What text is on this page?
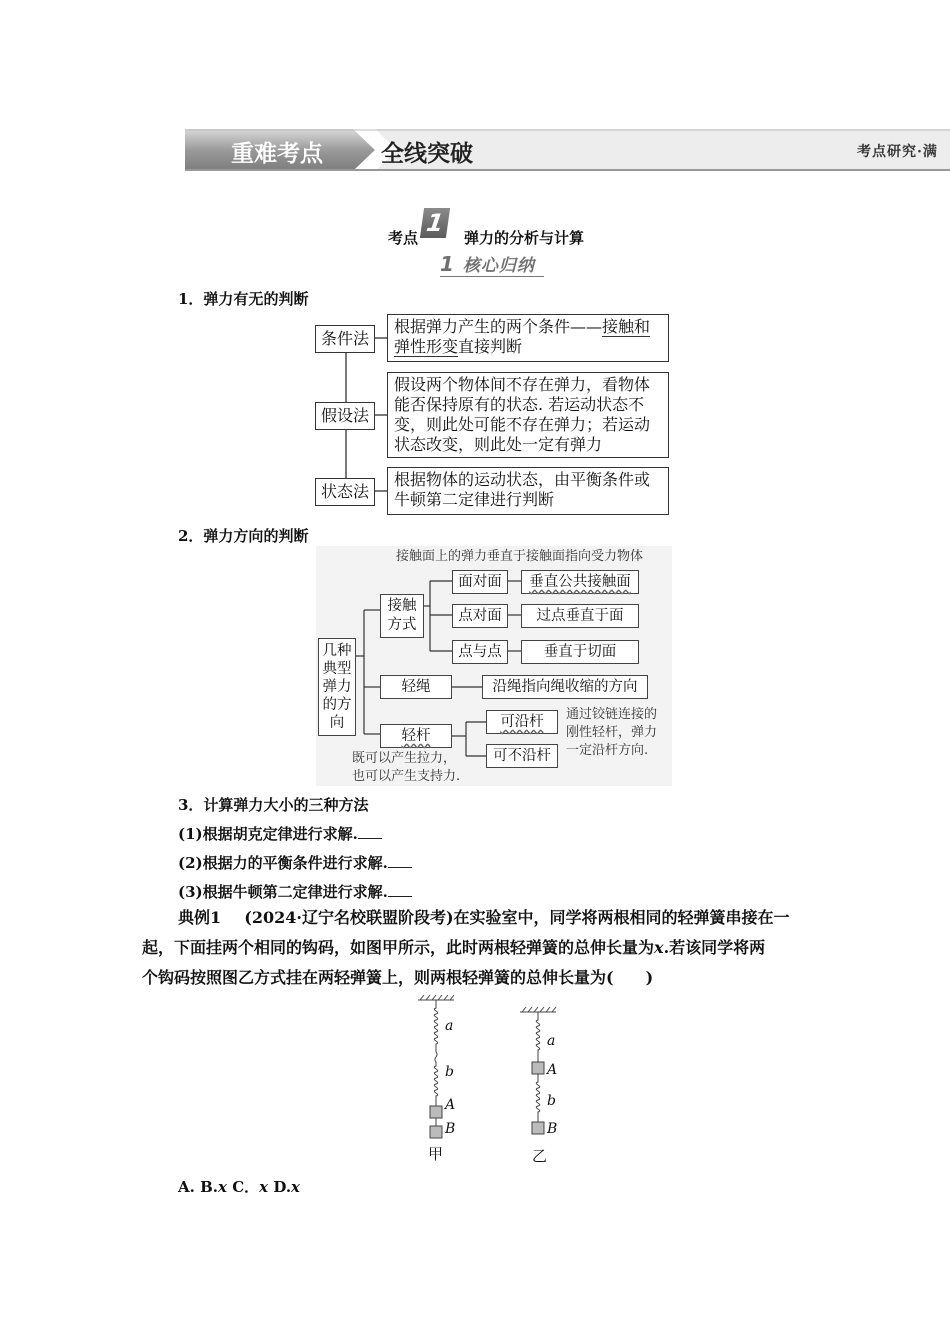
重难考点	全线突破	考点研究·满
考点
1
弹力的分析与计算
1 核心归纳
1．弹力有无的判断
条件法
根据弹力产生的两个条件——接触和
弹性形变直接判断
假设法
假设两个物体间不存在弹力，看物体
能否保持原有的状态. 若运动状态不
变，则此处可能不存在弹力；若运动
状态改变，则此处一定有弹力
状态法
根据物体的运动状态，由平衡条件或
牛顿第二定律进行判断
2．弹力方向的判断
接触面上的弹力垂直于接触面指向受力物体
几种典型弹力的方向
接触方式
面对面
点对面
点与点
垂直公共接触面
过点垂直于面
垂直于切面
轻绳	沿绳指向绳收缩的方向
轻杆
可沿杆
可不沿杆
通过铰链连接的
刚性轻杆，弹力
一定沿杆方向.
既可以产生拉力，
也可以产生支持力.
3．计算弹力大小的三种方法
(1)根据胡克定律进行求解.
(2)根据力的平衡条件进行求解.
(3)根据牛顿第二定律进行求解.
典例1 (2024·辽宁名校联盟阶段考)在实验室中，同学将两根相同的轻弹簧串接在一
起，下面挂两个相同的钩码，如图甲所示，此时两根轻弹簧的总伸长量为x.若该同学将两
个钩码按照图乙方式挂在两轻弹簧上，则两根轻弹簧的总伸长量为(　　)
a
b
A
B
甲
a
A
b
B
乙
A. B.x C．x D.x
